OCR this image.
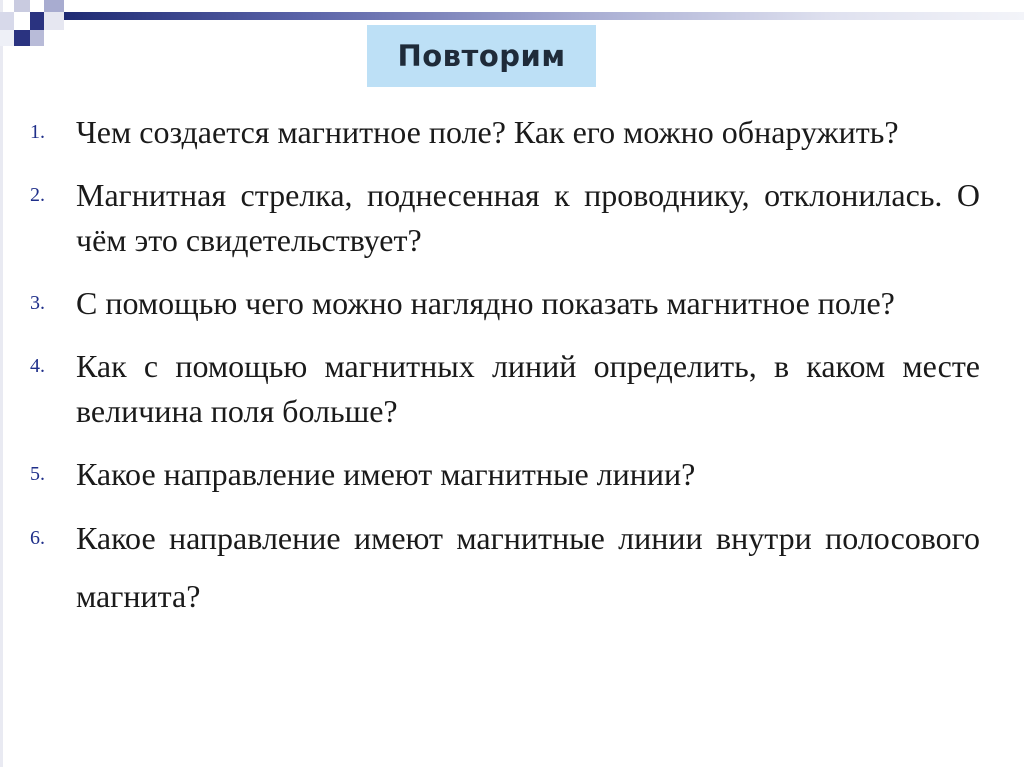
Повторим
1. Чем создается магнитное поле? Как его можно обнаружить?
2. Магнитная стрелка, поднесенная к проводнику, отклонилась. О чём это свидетельствует?
3. С помощью чего можно наглядно показать магнитное поле?
4. Как с помощью магнитных линий определить, в каком месте величина поля больше?
5. Какое направление имеют магнитные линии?
6. Какое направление имеют магнитные линии внутри полосового магнита?
